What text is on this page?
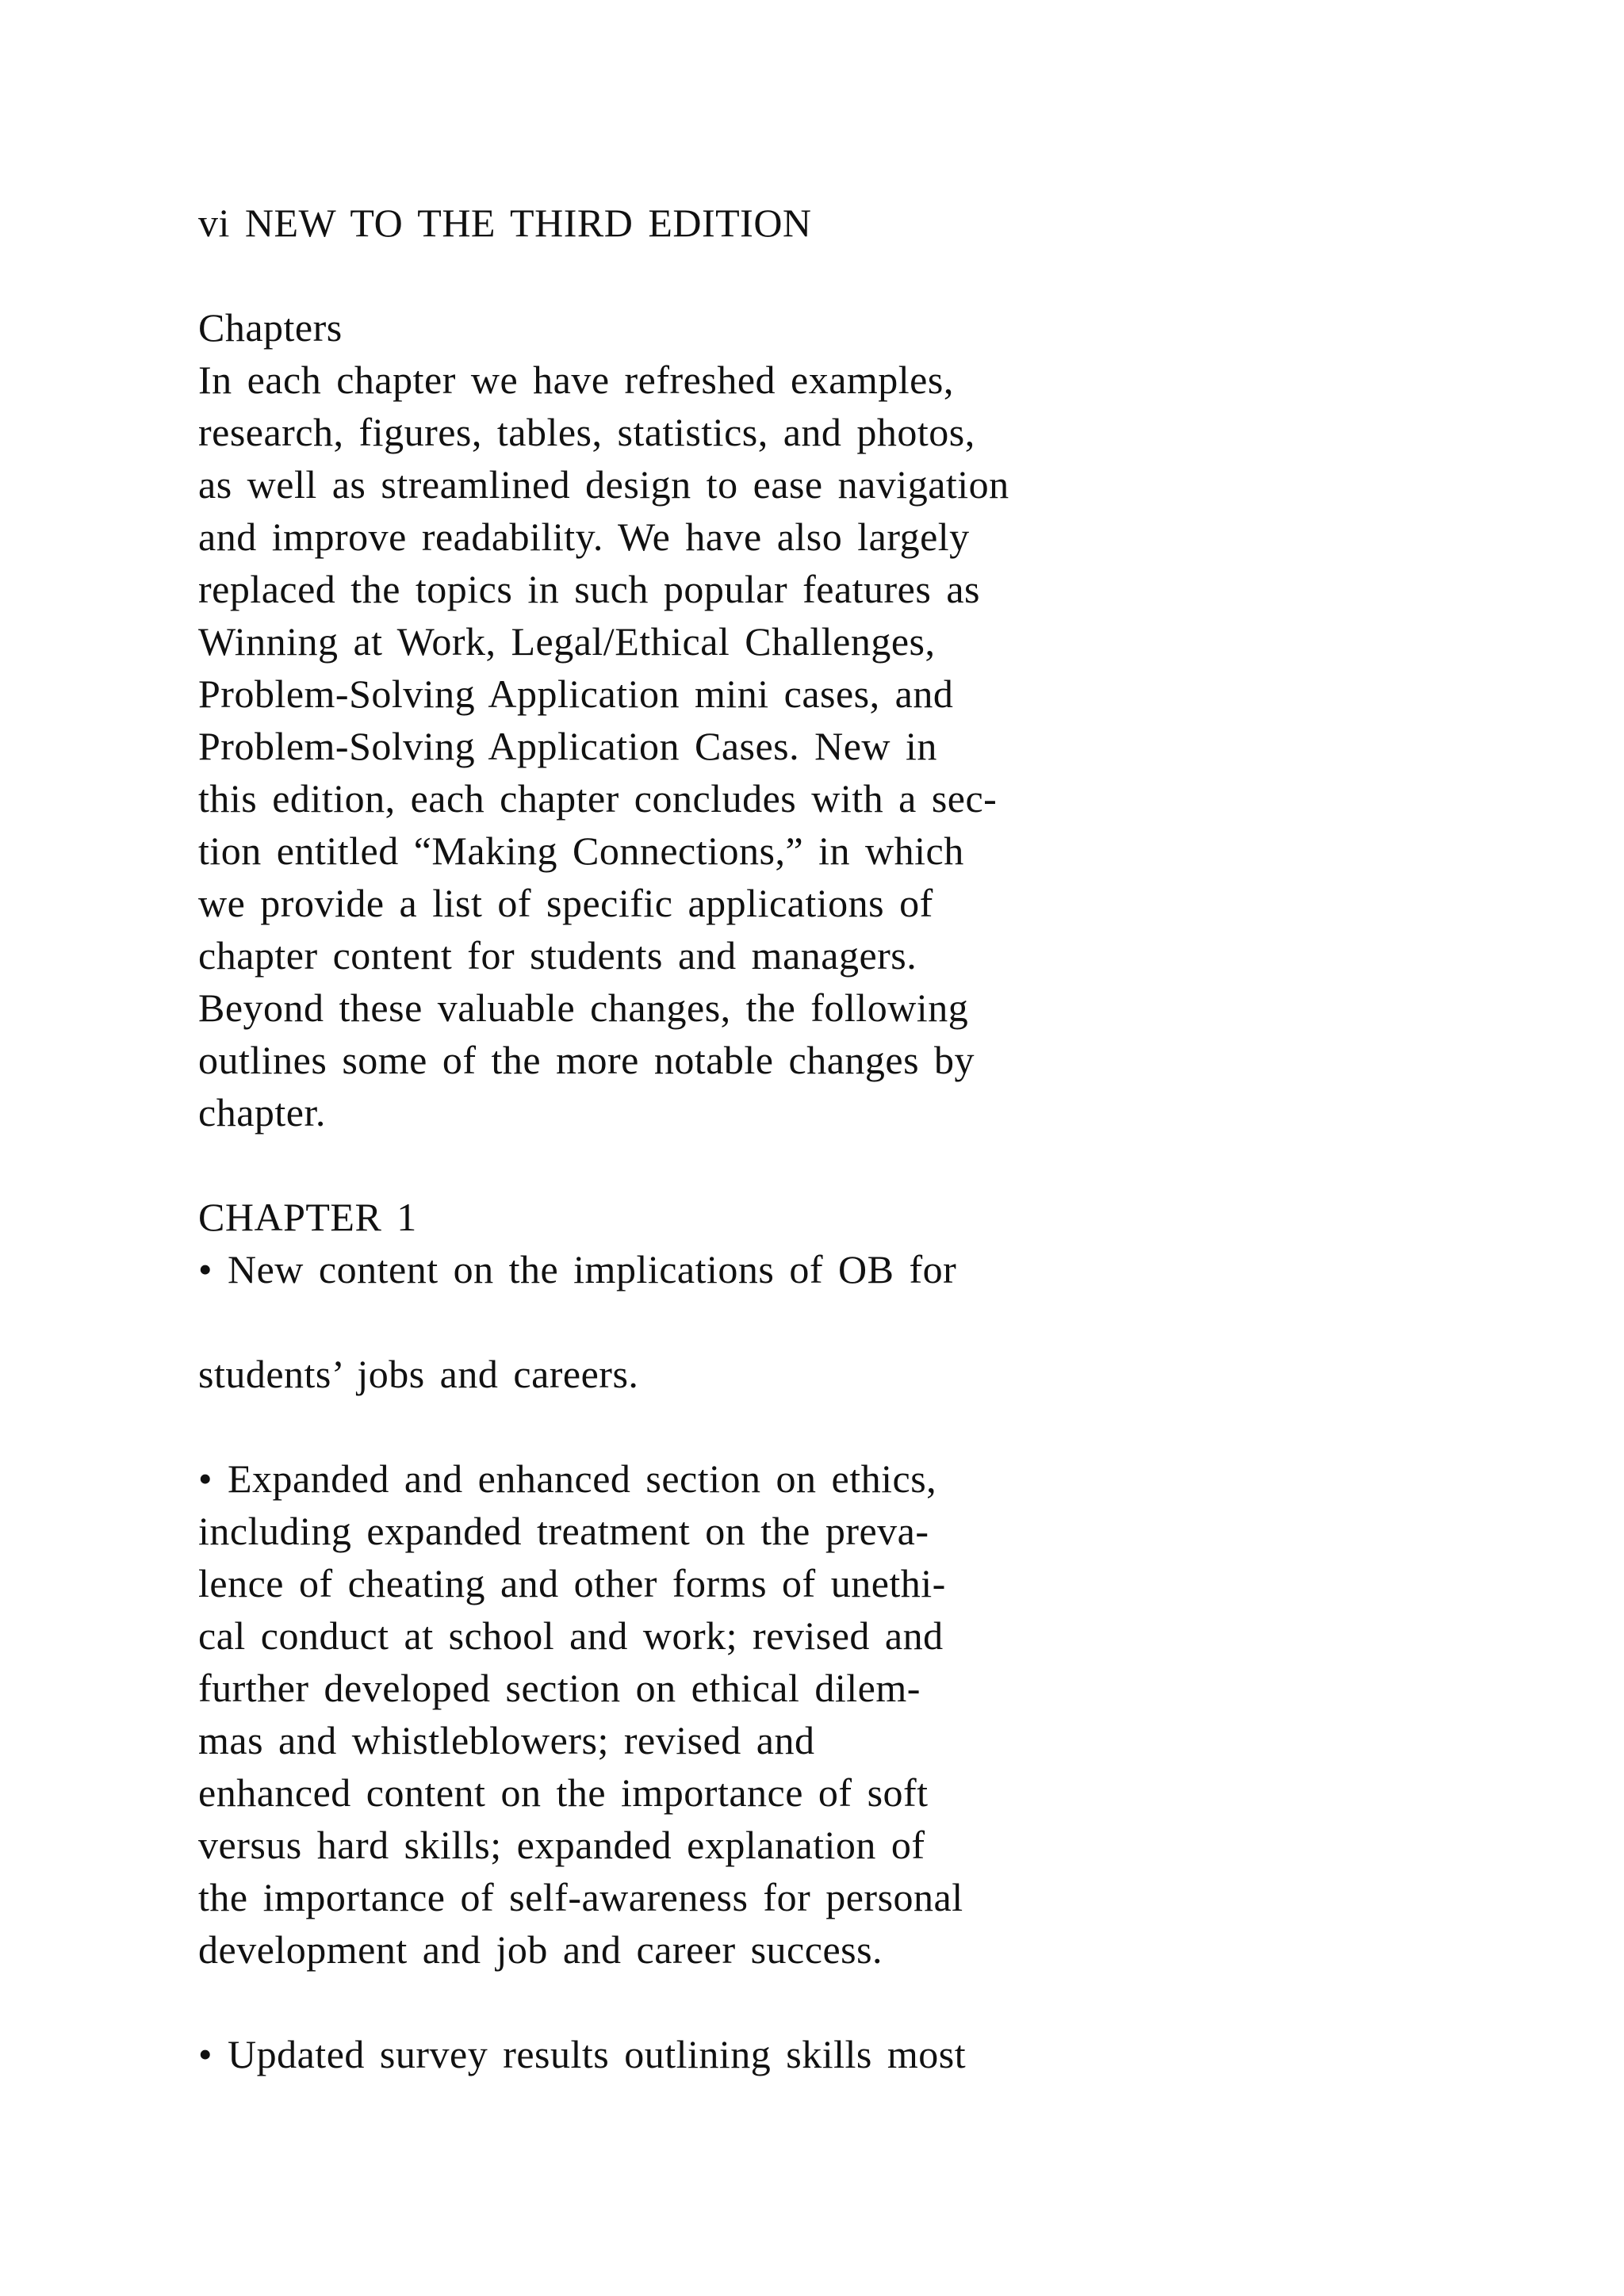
vi NEW TO THE THIRD EDITION
Chapters
In each chapter we have refreshed examples,
research, figures, tables, statistics, and photos,
as well as streamlined design to ease navigation
and improve readability. We have also largely
replaced the topics in such popular features as
Winning at Work, Legal/Ethical Challenges,
Problem-Solving Application mini cases, and
Problem-Solving Application Cases. New in
this edition, each chapter concludes with a sec-
tion entitled “Making Connections,” in which
we provide a list of specific applications of
chapter content for students and managers.
Beyond these valuable changes, the following
outlines some of the more notable changes by
chapter.
CHAPTER 1
• New content on the implications of OB for
students’ jobs and careers.
• Expanded and enhanced section on ethics,
including expanded treatment on the preva-
lence of cheating and other forms of unethi-
cal conduct at school and work; revised and
further developed section on ethical dilem-
mas and whistleblowers; revised and
enhanced content on the importance of soft
versus hard skills; expanded explanation of
the importance of self-awareness for personal
development and job and career success.
• Updated survey results outlining skills most
